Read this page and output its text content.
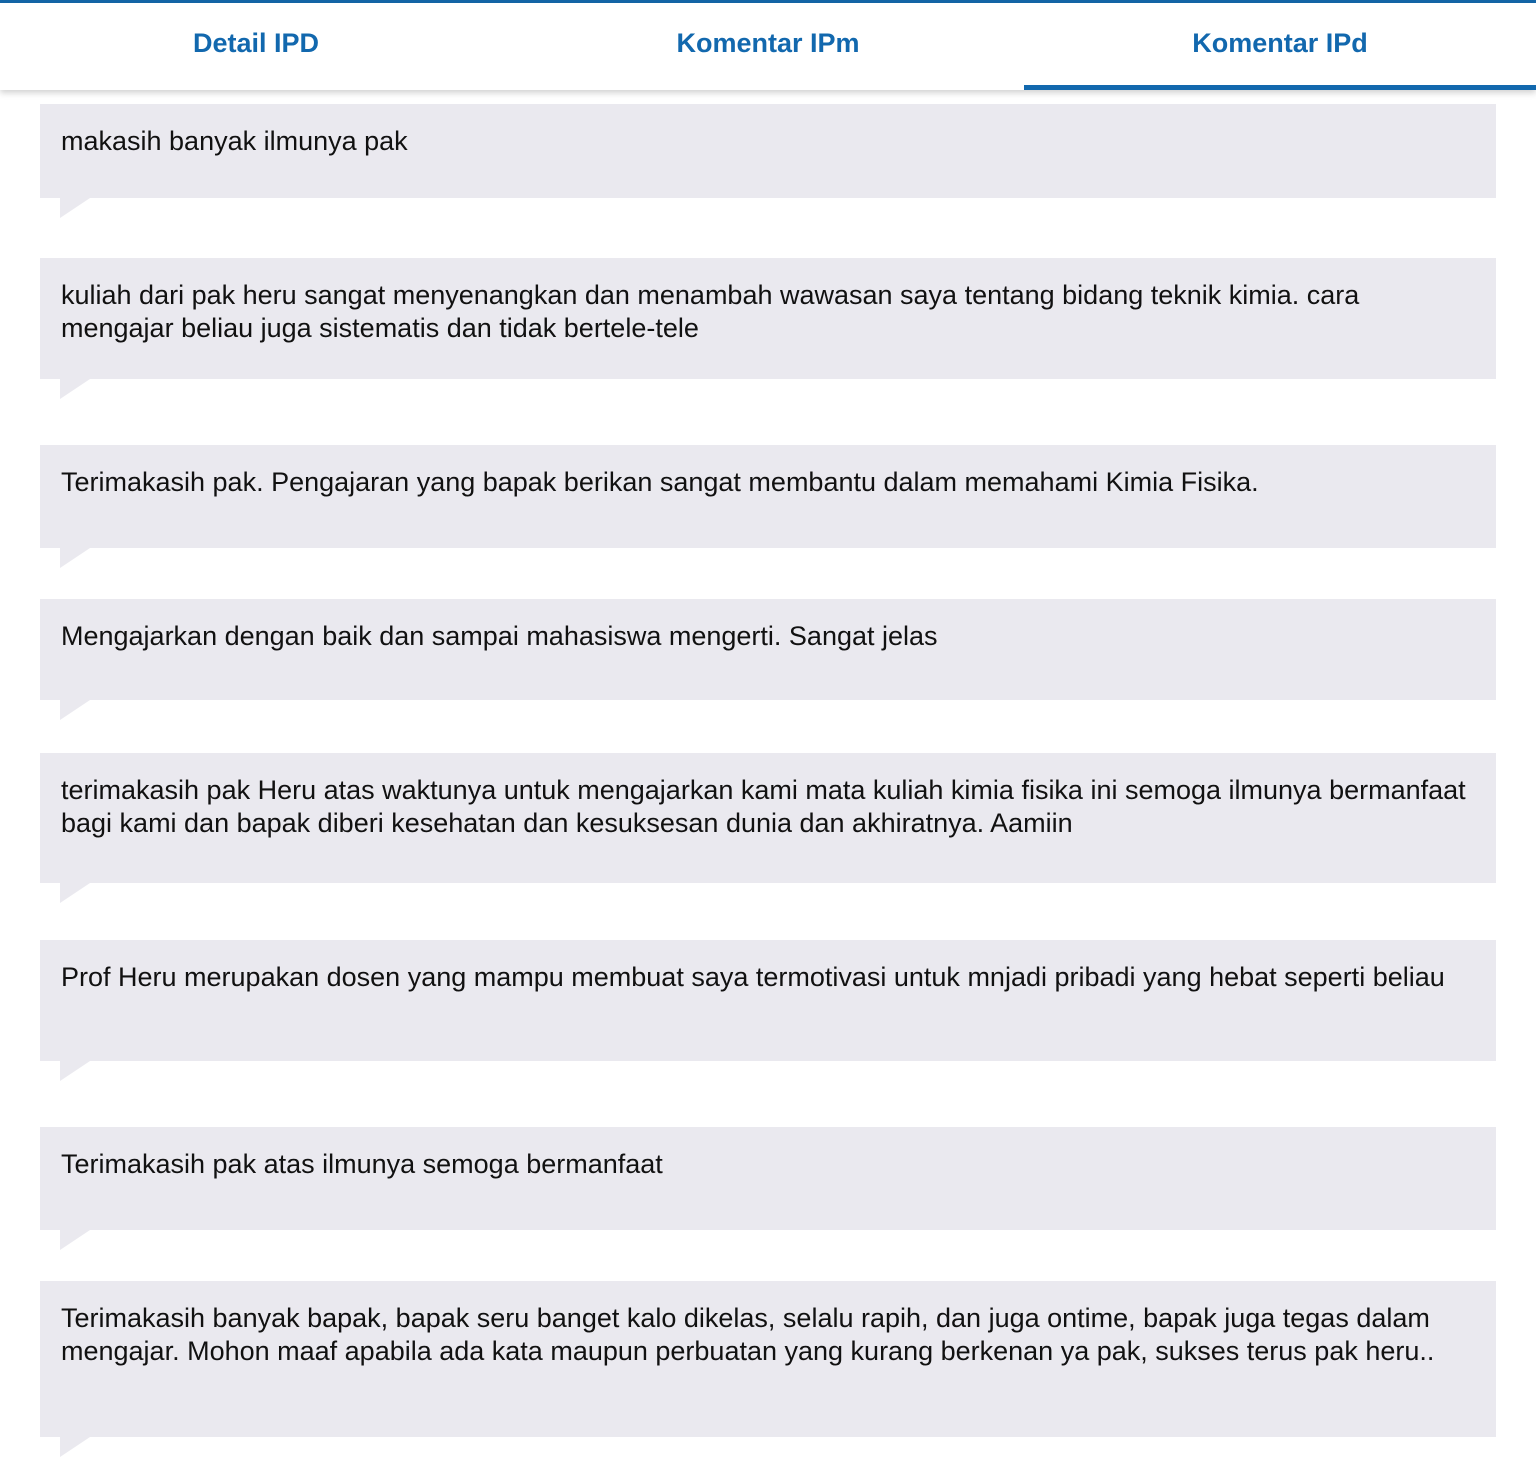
Detail IPD	Komentar IPm	Komentar IPd
makasih banyak ilmunya pak
kuliah dari pak heru sangat menyenangkan dan menambah wawasan saya tentang bidang teknik kimia. cara mengajar beliau juga sistematis dan tidak bertele-tele
Terimakasih pak. Pengajaran yang bapak berikan sangat membantu dalam memahami Kimia Fisika.
Mengajarkan dengan baik dan sampai mahasiswa mengerti. Sangat jelas
terimakasih pak Heru atas waktunya untuk mengajarkan kami mata kuliah kimia fisika ini semoga ilmunya bermanfaat bagi kami dan bapak diberi kesehatan dan kesuksesan dunia dan akhiratnya. Aamiin
Prof Heru merupakan dosen yang mampu membuat saya termotivasi untuk mnjadi pribadi yang hebat seperti beliau
Terimakasih pak atas ilmunya semoga bermanfaat
Terimakasih banyak bapak, bapak seru banget kalo dikelas, selalu rapih, dan juga ontime, bapak juga tegas dalam mengajar. Mohon maaf apabila ada kata maupun perbuatan yang kurang berkenan ya pak, sukses terus pak heru..
